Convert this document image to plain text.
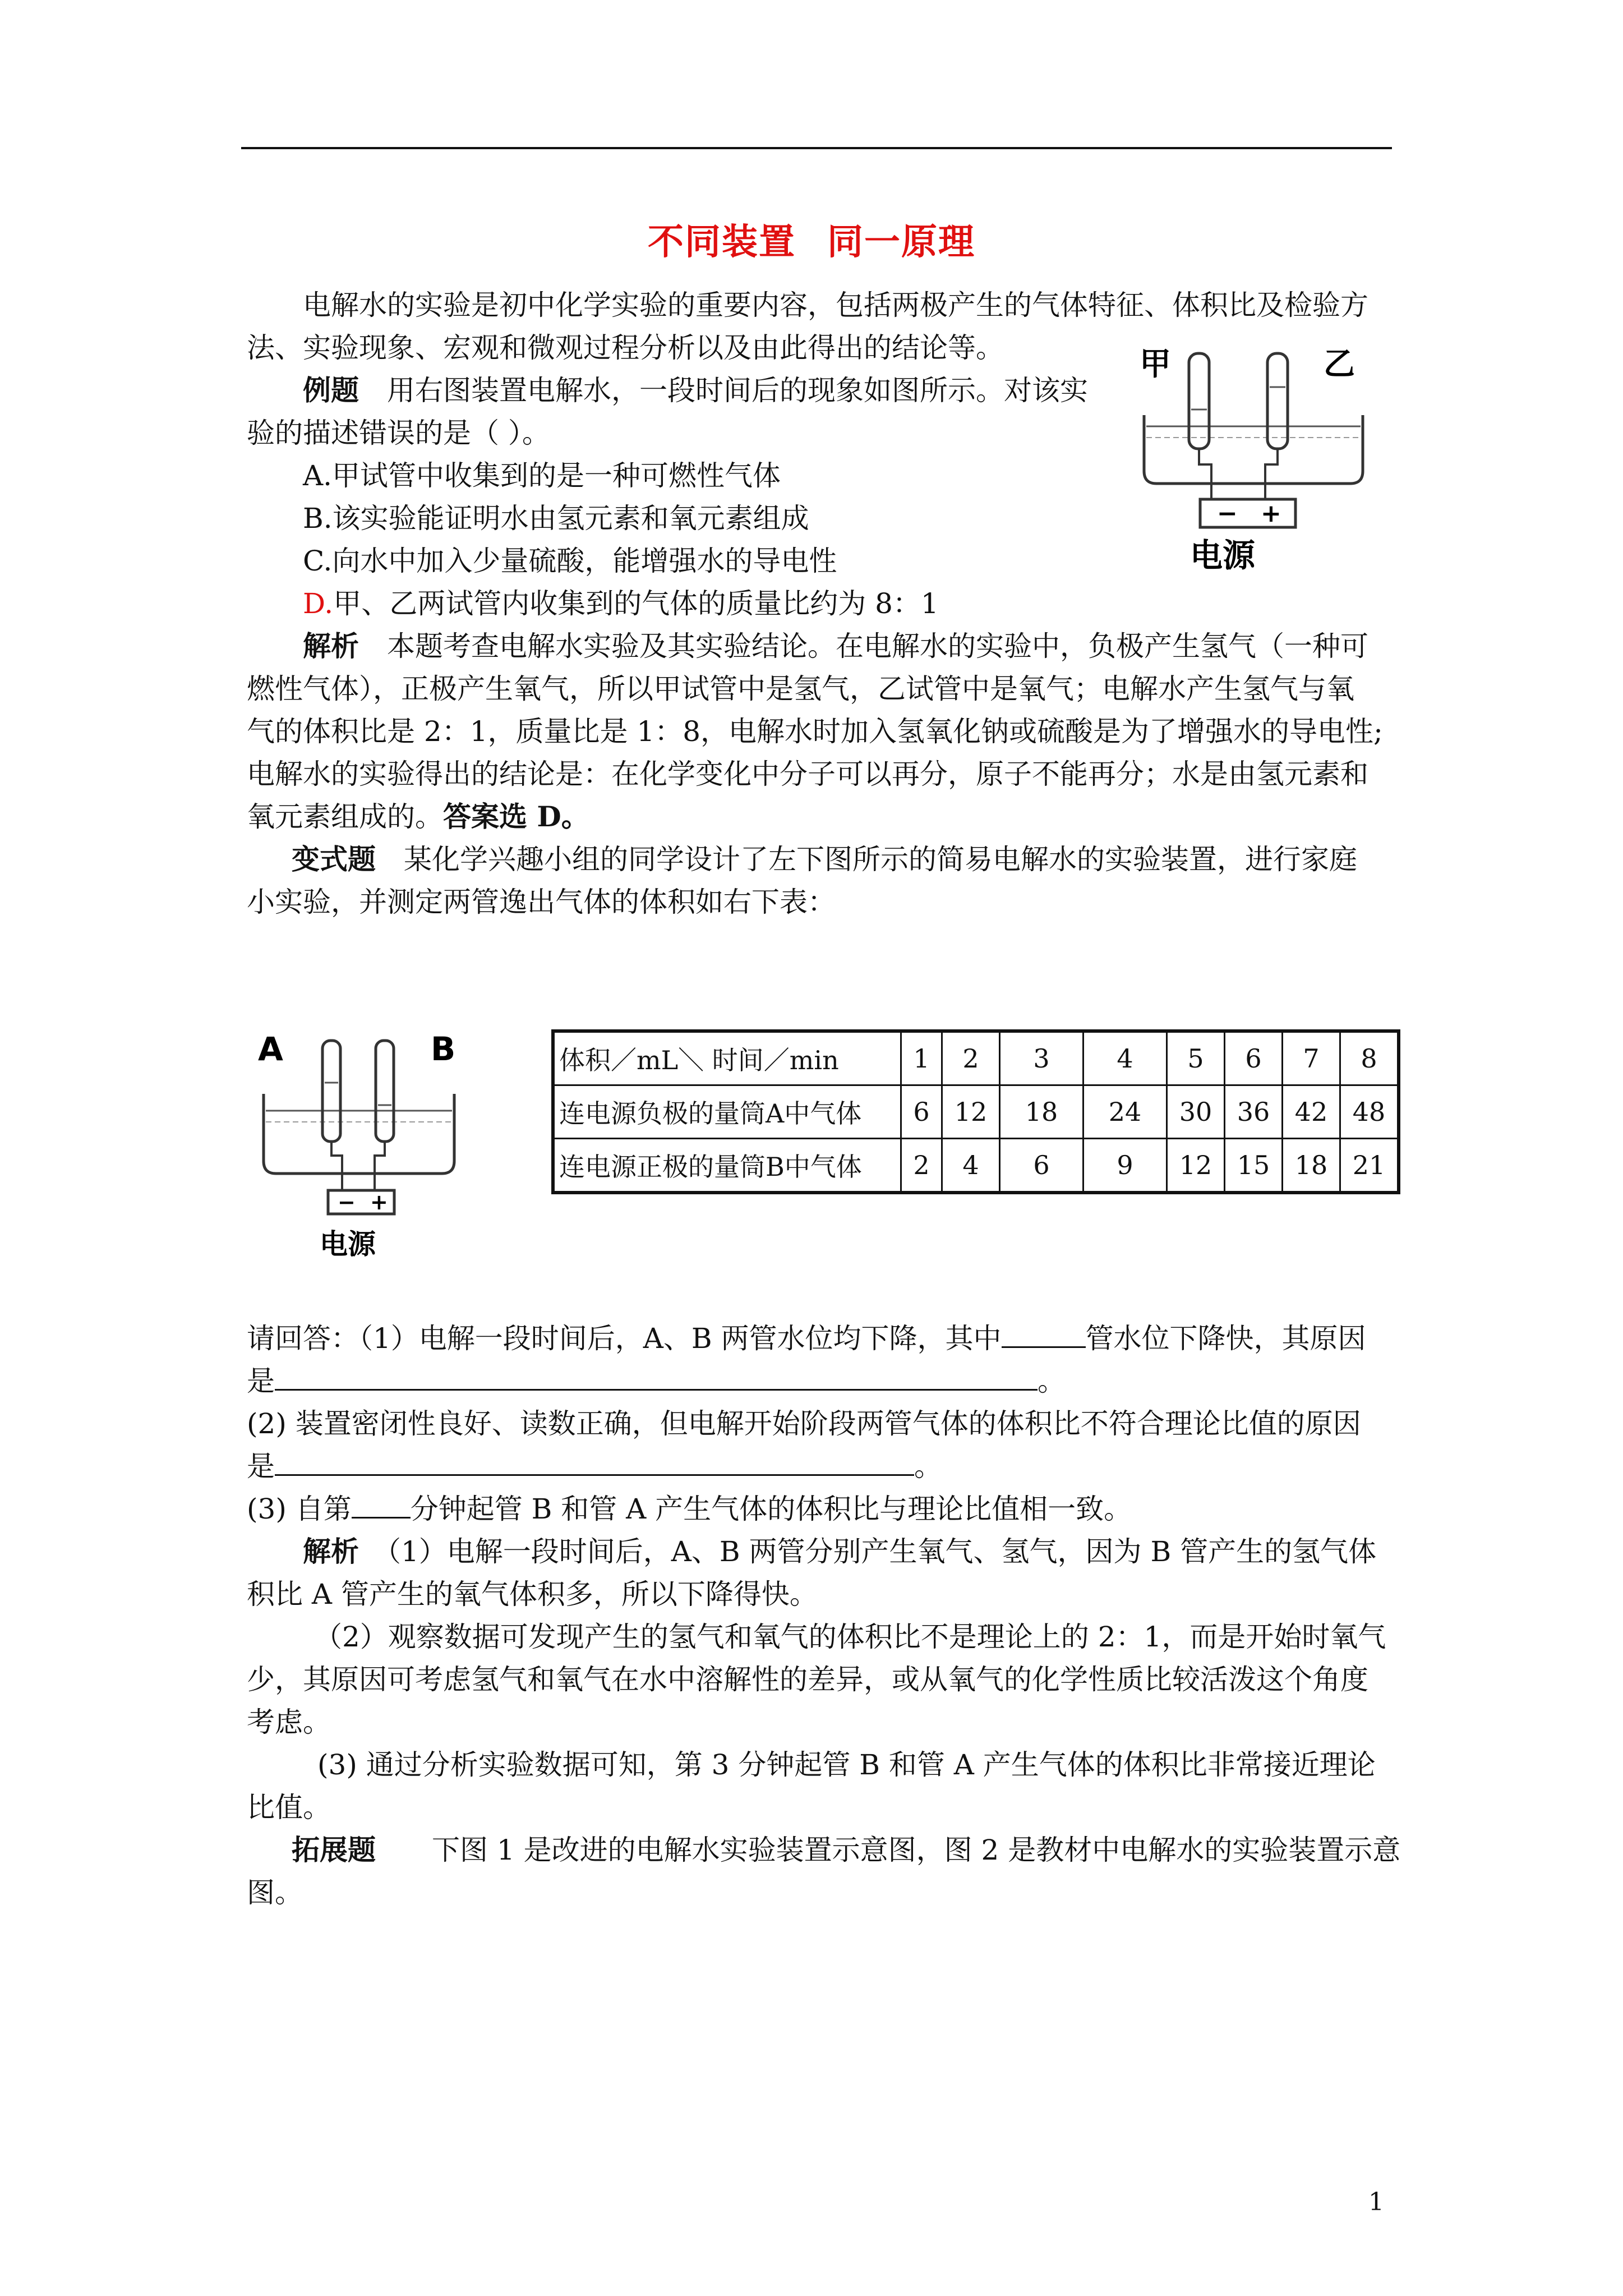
不同装置 同一原理
电解水的实验是初中化学实验的重要内容，包括两极产生的气体特征、体积比及检验方
法、实验现象、宏观和微观过程分析以及由此得出的结论等。
例题　 用右图装置电解水，一段时间后的现象如图所示。对该实
验的描述错误的是（ ）。
A.甲试管中收集到的是一种可燃性气体
B.该实验能证明水由氢元素和氧元素组成
C.向水中加入少量硫酸，能增强水的导电性
D.甲、乙两试管内收集到的气体的质量比约为 8：1
甲	乙
− +
电源
解析　 本题考查电解水实验及其实验结论。在电解水的实验中，负极产生氢气（一种可
燃性气体），正极产生氧气，所以甲试管中是氢气，乙试管中是氧气；电解水产生氢气与氧
气的体积比是 2：1，质量比是 1：8，电解水时加入氢氧化钠或硫酸是为了增强水的导电性;
电解水的实验得出的结论是：在化学变化中分子可以再分，原子不能再分；水是由氢元素和
氧元素组成的。答案选 D。
变式题　 某化学兴趣小组的同学设计了左下图所示的简易电解水的实验装置，进行家庭
小实验，并测定两管逸出气体的体积如右下表：
A	B
− +
电源
体积／mL＼ 时间／min	1	2	3	4	5	6	7	8
连电源负极的量筒A中气体	6	12	18	24	30	36	42	48
连电源正极的量筒B中气体	2	4	6	9	12	15	18	21
请回答：（1）电解一段时间后，A、B 两管水位均下降，其中	管水位下降快，其原因
是	。
(2) 装置密闭性良好、读数正确，但电解开始阶段两管气体的体积比不符合理论比值的原因
是	。
(3) 自第 分钟起管 B 和管 A 产生气体的体积比与理论比值相一致。
解析　 （1）电解一段时间后，A、B 两管分别产生氧气、氢气，因为 B 管产生的氢气体
积比 A 管产生的氧气体积多，所以下降得快。
（2）观察数据可发现产生的氢气和氧气的体积比不是理论上的 2：1，而是开始时氧气
少，其原因可考虑氢气和氧气在水中溶解性的差异，或从氧气的化学性质比较活泼这个角度
考虑。
(3) 通过分析实验数据可知，第 3 分钟起管 B 和管 A 产生气体的体积比非常接近理论
比值。
拓展题　　 下图 1 是改进的电解水实验装置示意图，图 2 是教材中电解水的实验装置示意
图。
1
